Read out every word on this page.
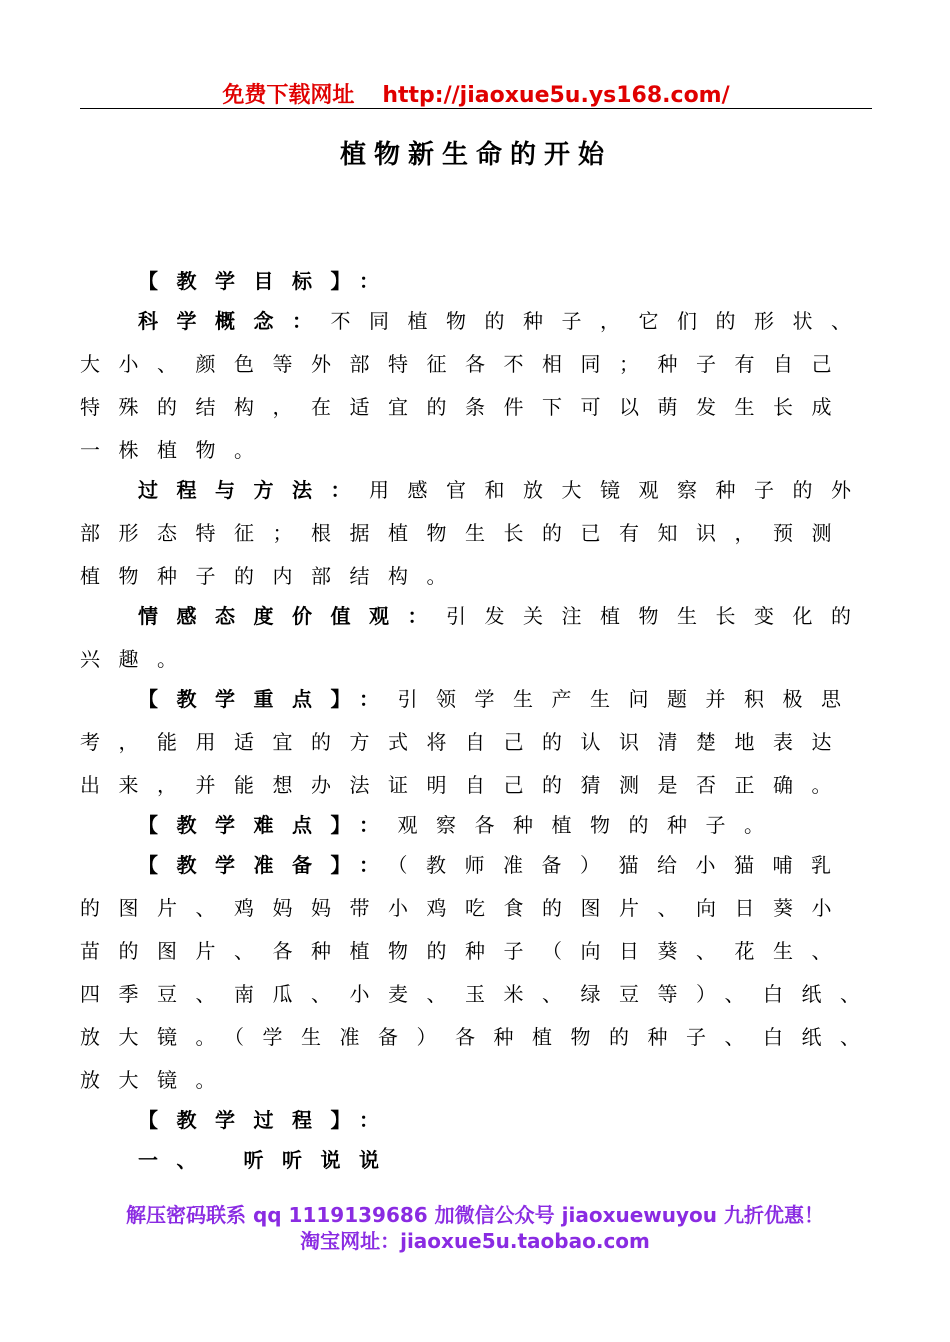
免费下载网址 http://jiaoxue5u.ys168.com/
植物新生命的开始
【教学目标】：
科学概念：不同植物的种子，它们的形状、
大小、颜色等外部特征各不相同；种子有自己
特殊的结构，在适宜的条件下可以萌发生长成
一株植物。
过程与方法：用感官和放大镜观察种子的外
部形态特征；根据植物生长的已有知识，预测
植物种子的内部结构。
情感态度价值观：引发关注植物生长变化的
兴趣。
【教学重点】：引领学生产生问题并积极思
考，能用适宜的方式将自己的认识清楚地表达
出来，并能想办法证明自己的猜测是否正确。
【教学难点】：观察各种植物的种子。
【教学准备】：（教师准备）猫给小猫哺乳
的图片、鸡妈妈带小鸡吃食的图片、向日葵小
苗的图片、各种植物的种子（向日葵、花生、
四季豆、南瓜、小麦、玉米、绿豆等）、白纸、
放大镜。（学生准备）各种植物的种子、白纸、
放大镜。
【教学过程】：
一、　听听说说
解压密码联系 qq 1119139686 加微信公众号 jiaoxuewuyou 九折优惠！
淘宝网址：jiaoxue5u.taobao.com
